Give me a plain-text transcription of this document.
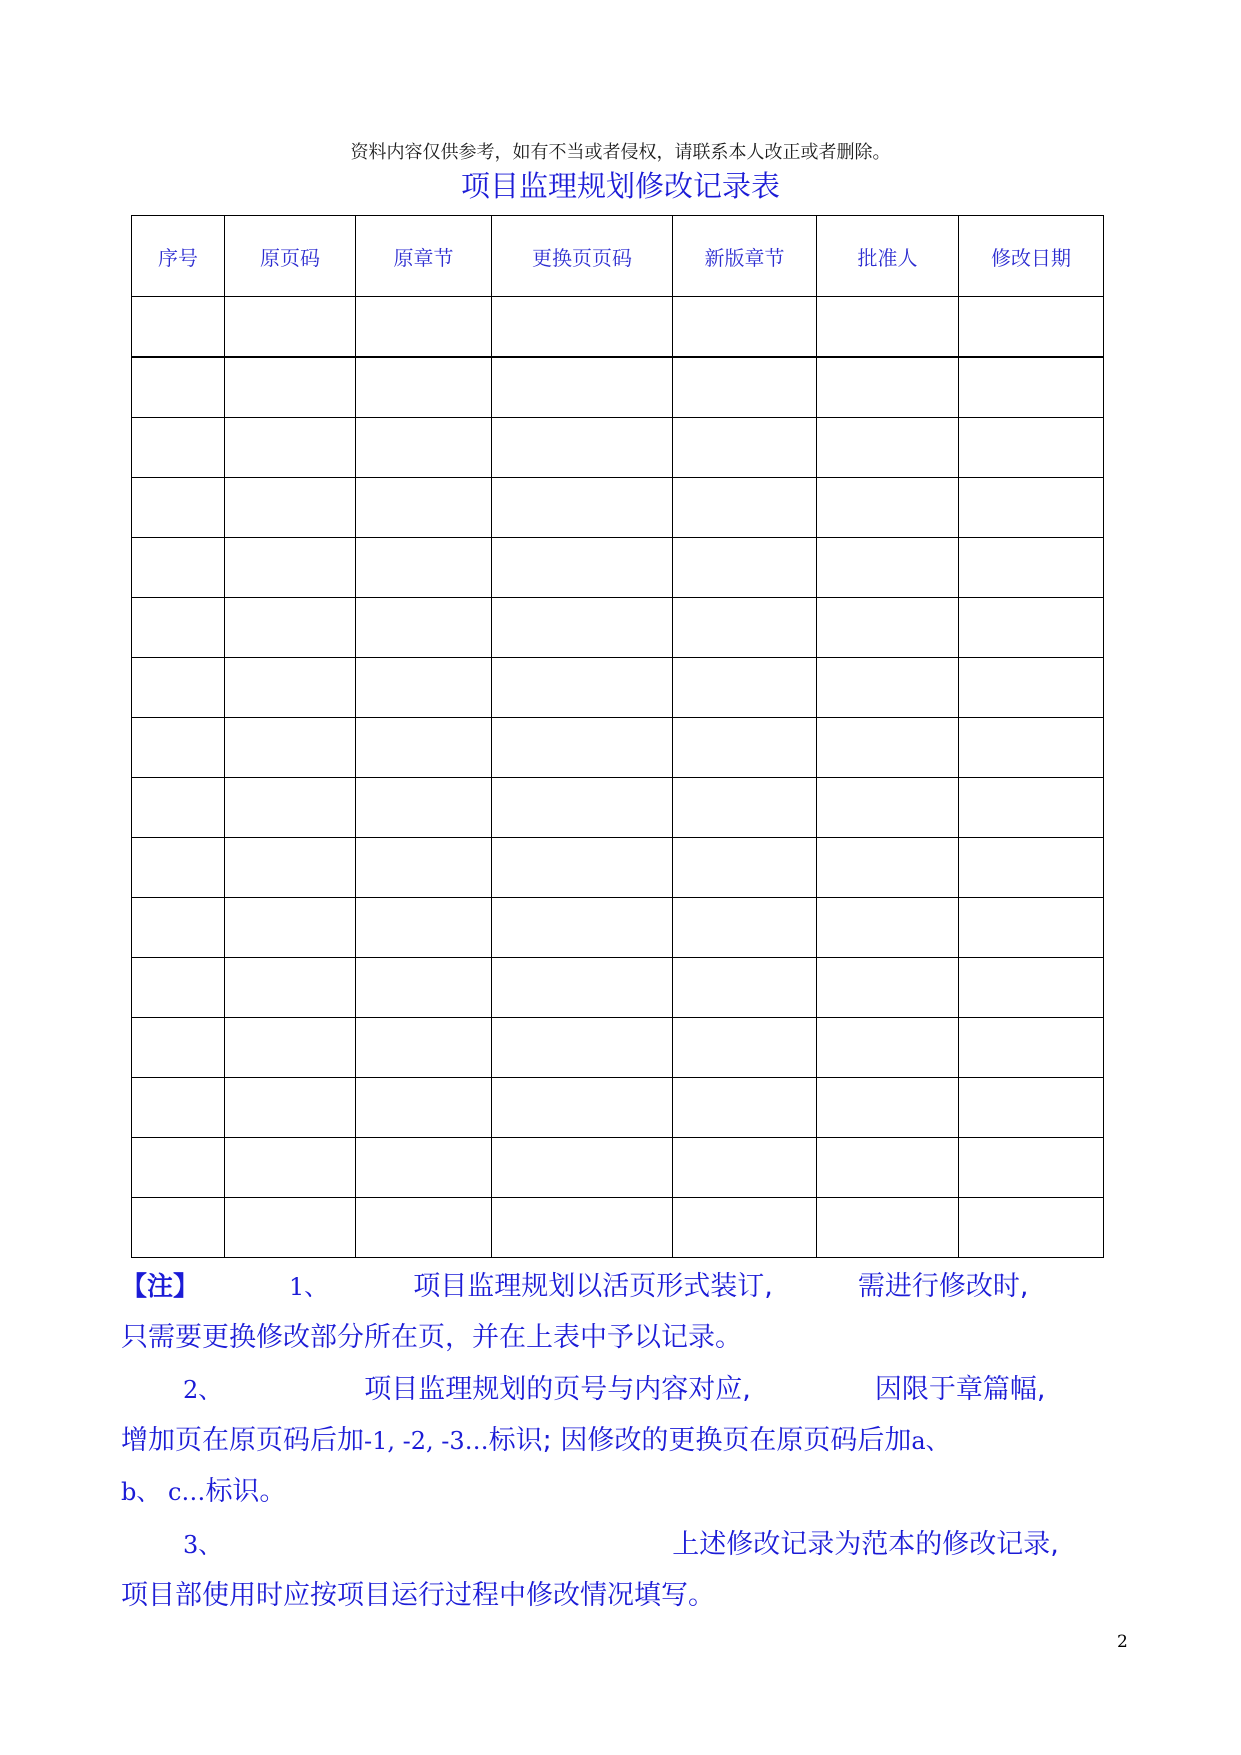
资料内容仅供参考，如有不当或者侵权，请联系本人改正或者删除。
项目监理规划修改记录表
序号	原页码	原章节	更换页页码	新版章节	批准人	修改日期

【注】	1、	项目监理规划以活页形式装订,	需进行修改时,
只需要更换修改部分所在页，并在上表中予以记录。
2、	项目监理规划的页号与内容对应,	因限于章篇幅,
增加页在原页码后加-1, -2, -3…标识; 因修改的更换页在原页码后加a、
b、 c…标识。
3、	上述修改记录为范本的修改记录,
项目部使用时应按项目运行过程中修改情况填写。
2
